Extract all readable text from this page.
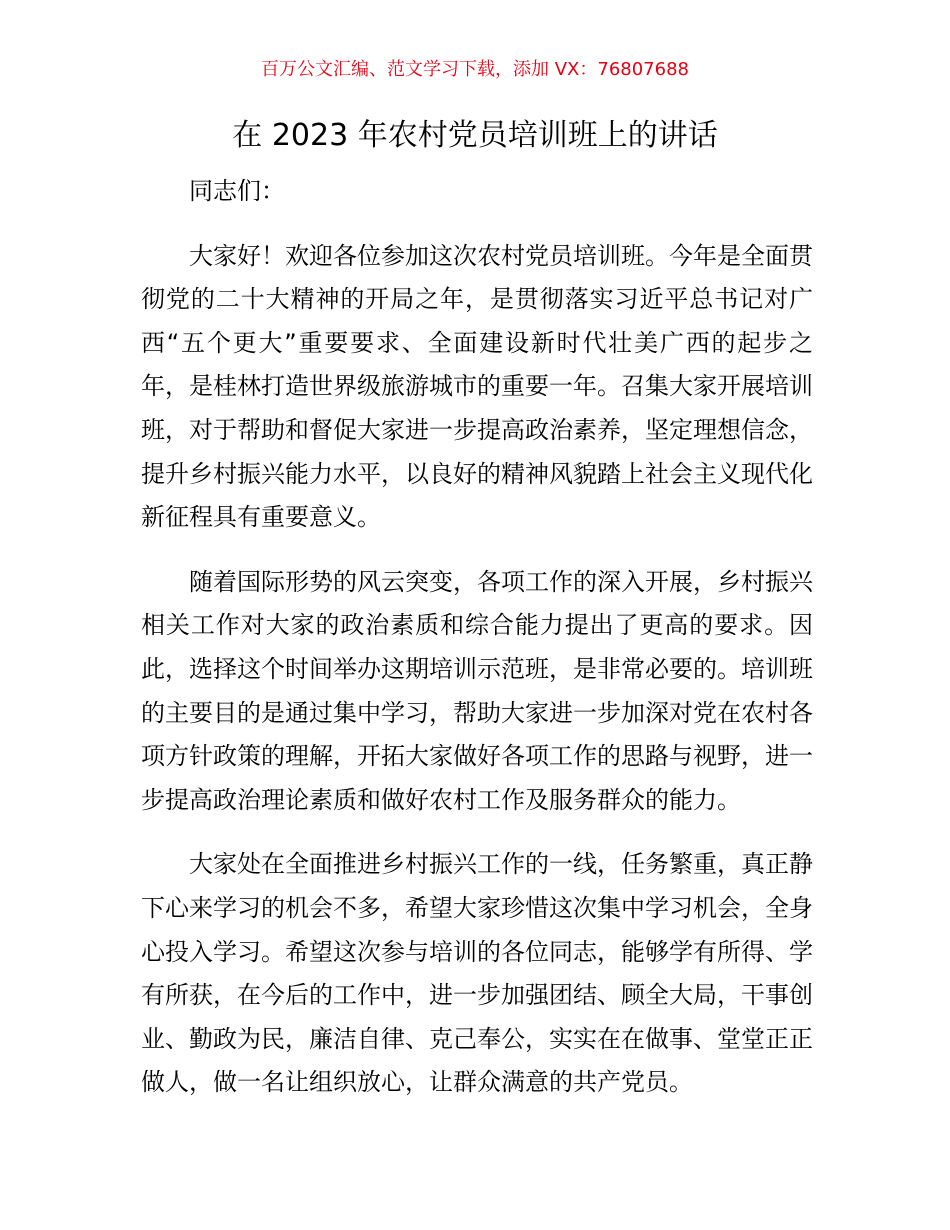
百万公文汇编、范文学习下载，添加 VX：76807688
在 2023 年农村党员培训班上的讲话

同志们：

大家好！欢迎各位参加这次农村党员培训班。今年是全面贯彻党的二十大精神的开局之年，是贯彻落实习近平总书记对广西“五个更大”重要要求、全面建设新时代壮美广西的起步之年，是桂林打造世界级旅游城市的重要一年。召集大家开展培训班，对于帮助和督促大家进一步提高政治素养，坚定理想信念，提升乡村振兴能力水平，以良好的精神风貌踏上社会主义现代化新征程具有重要意义。

随着国际形势的风云突变，各项工作的深入开展，乡村振兴相关工作对大家的政治素质和综合能力提出了更高的要求。因此，选择这个时间举办这期培训示范班，是非常必要的。培训班的主要目的是通过集中学习，帮助大家进一步加深对党在农村各项方针政策的理解，开拓大家做好各项工作的思路与视野，进一步提高政治理论素质和做好农村工作及服务群众的能力。

大家处在全面推进乡村振兴工作的一线，任务繁重，真正静下心来学习的机会不多，希望大家珍惜这次集中学习机会，全身心投入学习。希望这次参与培训的各位同志，能够学有所得、学有所获，在今后的工作中，进一步加强团结、顾全大局，干事创业、勤政为民，廉洁自律、克己奉公，实实在在做事、堂堂正正做人，做一名让组织放心，让群众满意的共产党员。
